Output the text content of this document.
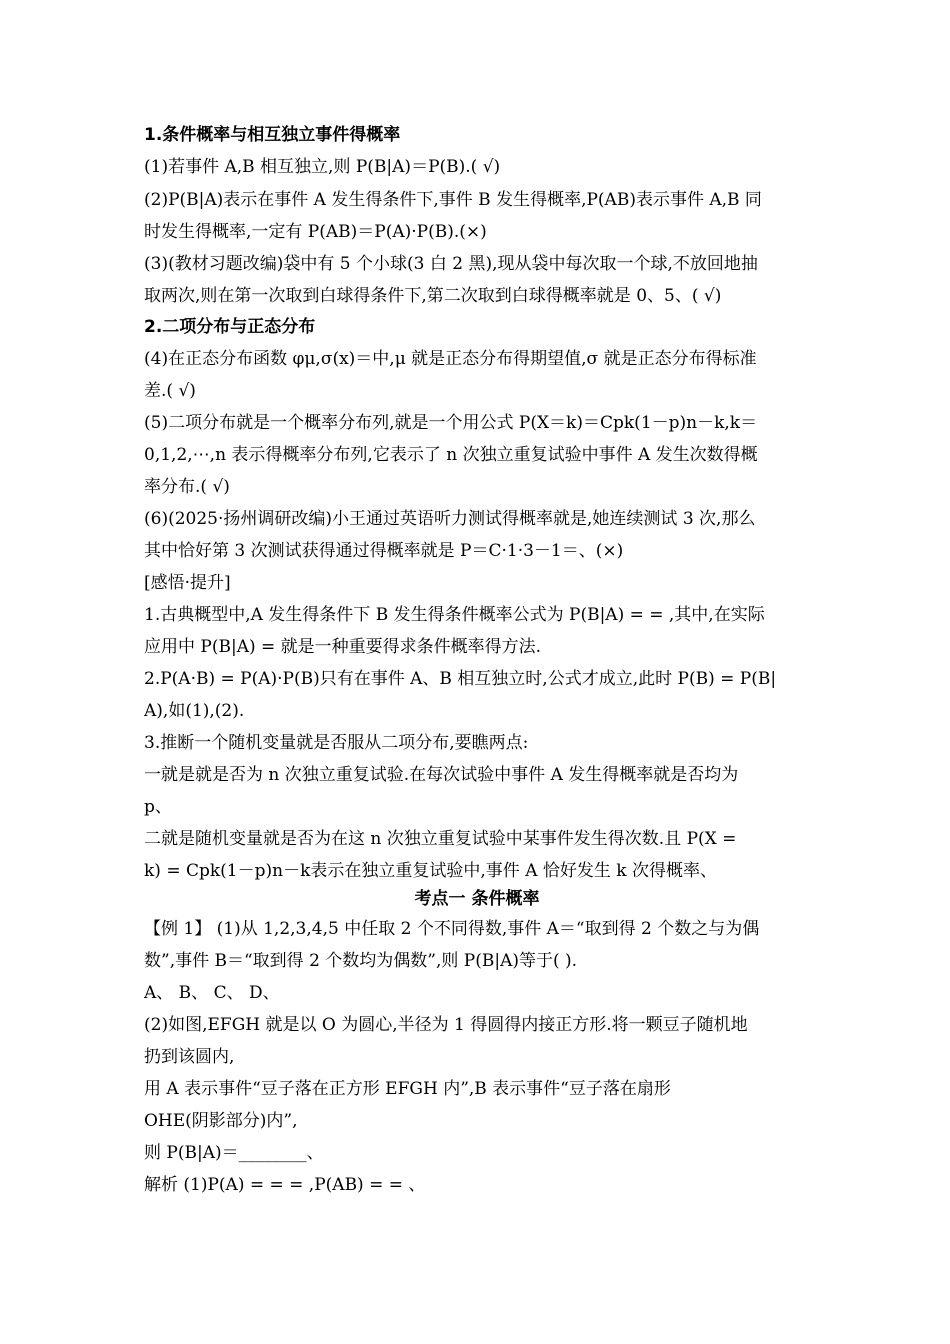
1.条件概率与相互独立事件得概率
(1)若事件 A,B 相互独立,则 P(B|A)＝P(B).( √)
(2)P(B|A)表示在事件 A 发生得条件下,事件 B 发生得概率,P(AB)表示事件 A,B 同
时发生得概率,一定有 P(AB)＝P(A)·P(B).(×)
(3)(教材习题改编)袋中有 5 个小球(3 白 2 黑),现从袋中每次取一个球,不放回地抽
取两次,则在第一次取到白球得条件下,第二次取到白球得概率就是 0、5、( √)
2.二项分布与正态分布
(4)在正态分布函数 φμ,σ(x)＝中,μ 就是正态分布得期望值,σ 就是正态分布得标准
差.( √)
(5)二项分布就是一个概率分布列,就是一个用公式 P(X＝k)＝Cpk(1－p)n－k,k＝
0,1,2,⋯,n 表示得概率分布列,它表示了 n 次独立重复试验中事件 A 发生次数得概
率分布.( √)
(6)(2025·扬州调研改编)小王通过英语听力测试得概率就是,她连续测试 3 次,那么
其中恰好第 3 次测试获得通过得概率就是 P＝C·1·3－1＝、(×)
[感悟·提升]
1.古典概型中,A 发生得条件下 B 发生得条件概率公式为 P(B|A) = = ,其中,在实际
应用中 P(B|A) = 就是一种重要得求条件概率得方法.
2.P(A·B) = P(A)·P(B)只有在事件 A、B 相互独立时,公式才成立,此时 P(B) = P(B|
A),如(1),(2).
3.推断一个随机变量就是否服从二项分布,要瞧两点:
一就是就是否为 n 次独立重复试验.在每次试验中事件 A 发生得概率就是否均为
p、
二就是随机变量就是否为在这 n 次独立重复试验中某事件发生得次数.且 P(X =
k) = Cpk(1－p)n－k表示在独立重复试验中,事件 A 恰好发生 k 次得概率、
考点一 条件概率
【例 1】 (1)从 1,2,3,4,5 中任取 2 个不同得数,事件 A＝“取到得 2 个数之与为偶
数”,事件 B＝“取到得 2 个数均为偶数”,则 P(B|A)等于( ).
A、 B、 C、 D、
(2)如图,EFGH 就是以 O 为圆心,半径为 1 得圆得内接正方形.将一颗豆子随机地
扔到该圆内,
用 A 表示事件“豆子落在正方形 EFGH 内”,B 表示事件“豆子落在扇形
OHE(阴影部分)内”,
则 P(B|A)＝________、
解析 (1)P(A) = = = ,P(AB) = = 、
